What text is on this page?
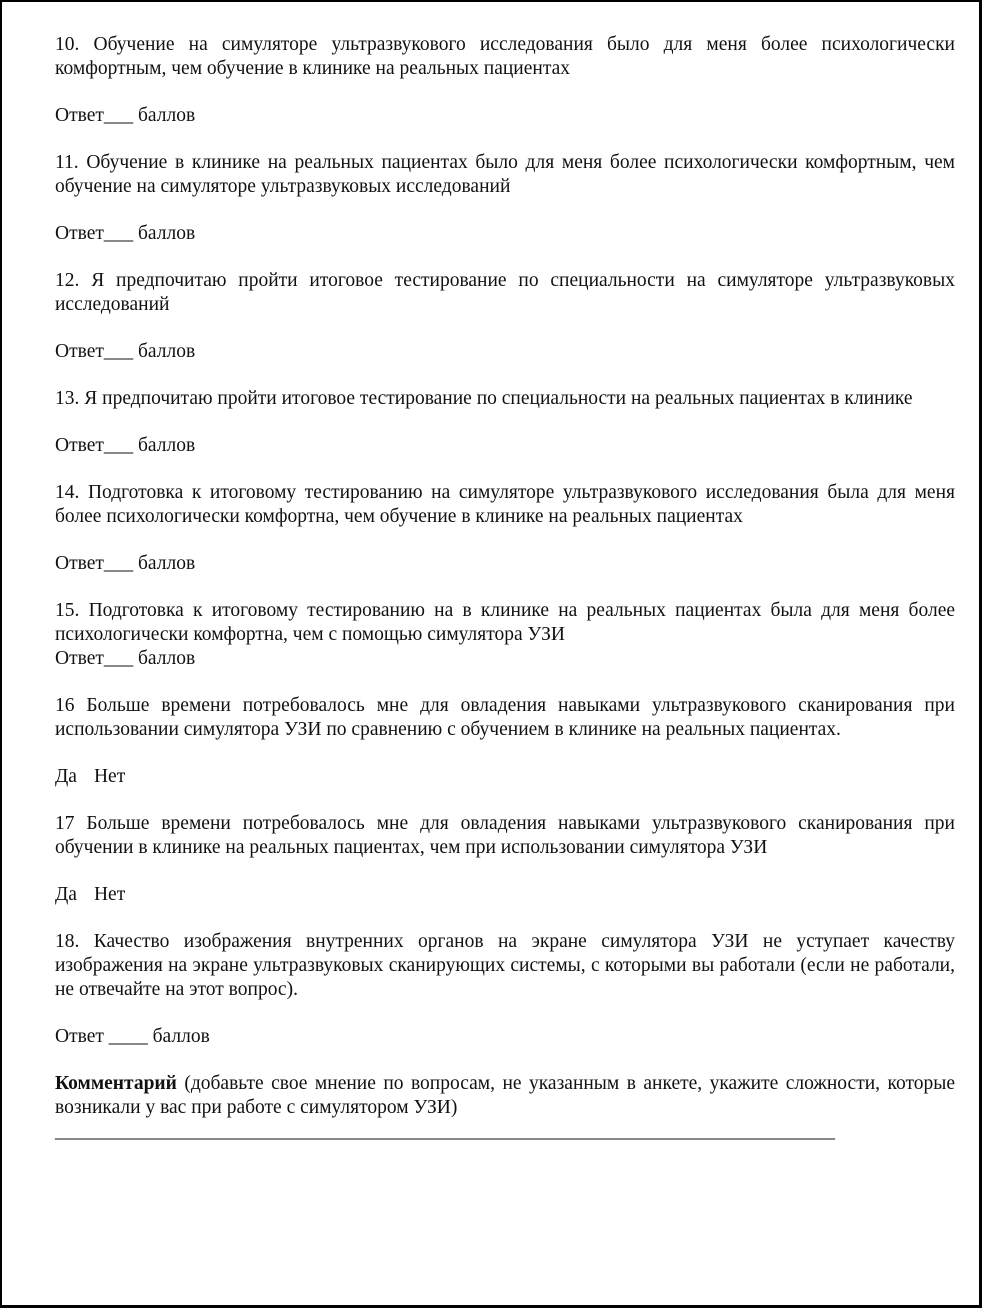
10. Обучение на симуляторе ультразвукового исследования было для меня более психологически комфортным, чем обучение в клинике на реальных пациентах

Ответ___ баллов

11. Обучение в клинике на реальных пациентах было для меня более психологически комфортным, чем обучение на симуляторе ультразвуковых исследований

Ответ___ баллов

12. Я предпочитаю пройти итоговое тестирование по специальности на симуляторе ультразвуковых исследований

Ответ___ баллов

13. Я предпочитаю пройти итоговое тестирование по специальности на реальных пациентах в клинике

Ответ___ баллов

14. Подготовка к итоговому тестированию на симуляторе ультразвукового исследования была для меня более психологически комфортна, чем обучение в клинике на реальных пациентах

Ответ___ баллов

15. Подготовка к итоговому тестированию на в клинике на реальных пациентах была для меня более психологически комфортна, чем с помощью симулятора УЗИ

Ответ___ баллов

16 Больше времени потребовалось мне для овладения навыками ультразвукового сканирования при использовании симулятора УЗИ по сравнению с обучением в клинике на реальных пациентах.

Да Нет

17 Больше времени потребовалось мне для овладения навыками ультразвукового сканирования при обучении в клинике на реальных пациентах, чем при использовании симулятора УЗИ

Да Нет

18. Качество изображения внутренних органов на экране симулятора УЗИ не уступает качеству изображения на экране ультразвуковых сканирующих системы, с которыми вы работали (если не работали, не отвечайте на этот вопрос).

Ответ ____ баллов

Комментарий (добавьте свое мнение по вопросам, не указанным в анкете, укажите сложности, которые возникали у вас при работе с симулятором УЗИ)

________________________________________________________________________________
